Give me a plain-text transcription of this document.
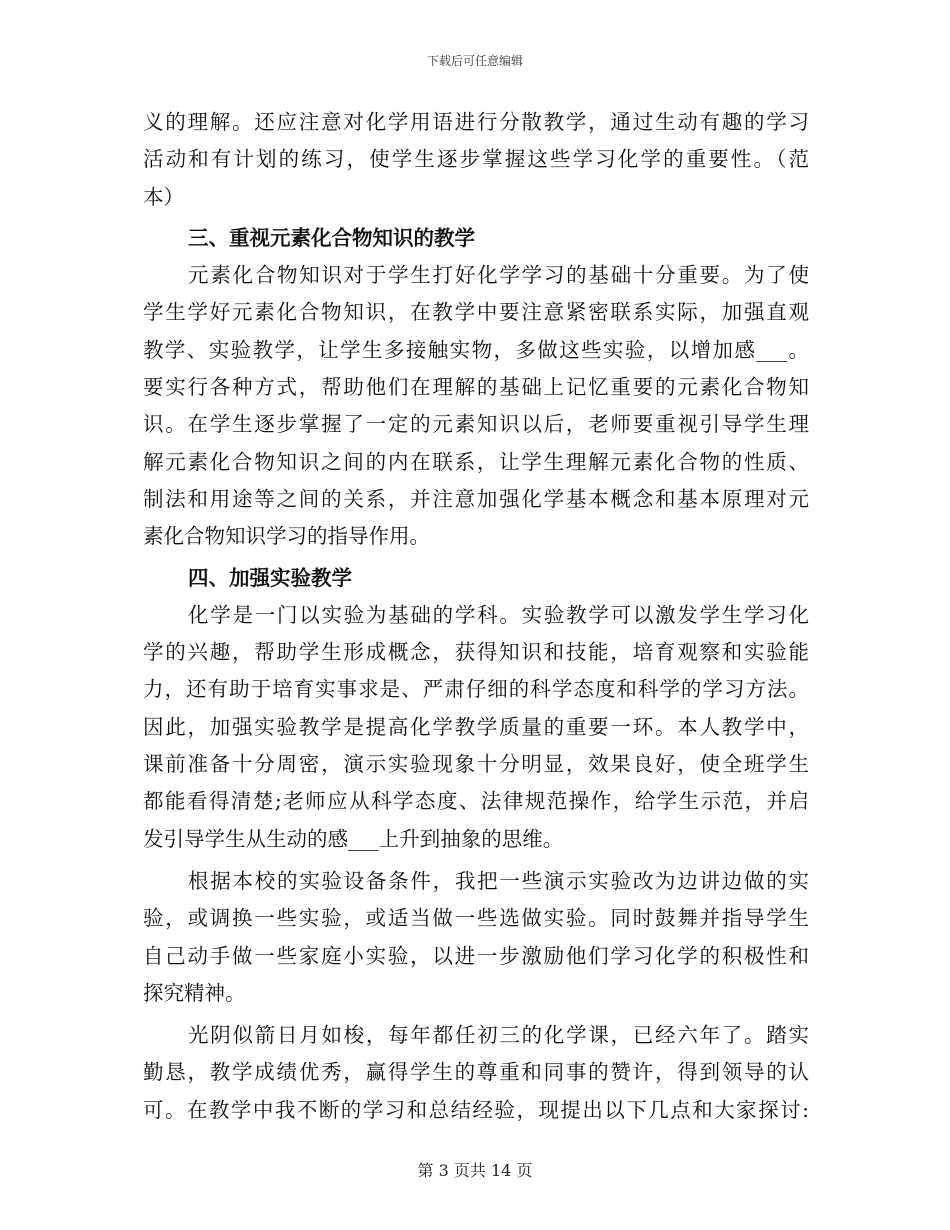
下载后可任意编辑
义的理解。还应注意对化学用语进行分散教学，通过生动有趣的学习
活动和有计划的练习，使学生逐步掌握这些学习化学的重要性。（范
本）
三、重视元素化合物知识的教学
元素化合物知识对于学生打好化学学习的基础十分重要。为了使
学生学好元素化合物知识，在教学中要注意紧密联系实际，加强直观
教学、实验教学，让学生多接触实物，多做这些实验，以增加感___。
要实行各种方式，帮助他们在理解的基础上记忆重要的元素化合物知
识。在学生逐步掌握了一定的元素知识以后，老师要重视引导学生理
解元素化合物知识之间的内在联系，让学生理解元素化合物的性质、
制法和用途等之间的关系，并注意加强化学基本概念和基本原理对元
素化合物知识学习的指导作用。
四、加强实验教学
化学是一门以实验为基础的学科。实验教学可以激发学生学习化
学的兴趣，帮助学生形成概念，获得知识和技能，培育观察和实验能
力，还有助于培育实事求是、严肃仔细的科学态度和科学的学习方法。
因此，加强实验教学是提高化学教学质量的重要一环。本人教学中，
课前准备十分周密，演示实验现象十分明显，效果良好，使全班学生
都能看得清楚;老师应从科学态度、法律规范操作，给学生示范，并启
发引导学生从生动的感___上升到抽象的思维。
根据本校的实验设备条件，我把一些演示实验改为边讲边做的实
验，或调换一些实验，或适当做一些选做实验。同时鼓舞并指导学生
自己动手做一些家庭小实验，以进一步激励他们学习化学的积极性和
探究精神。
光阴似箭日月如梭，每年都任初三的化学课，已经六年了。踏实
勤恳，教学成绩优秀，赢得学生的尊重和同事的赞许，得到领导的认
可。在教学中我不断的学习和总结经验，现提出以下几点和大家探讨:
第 3 页共 14 页
